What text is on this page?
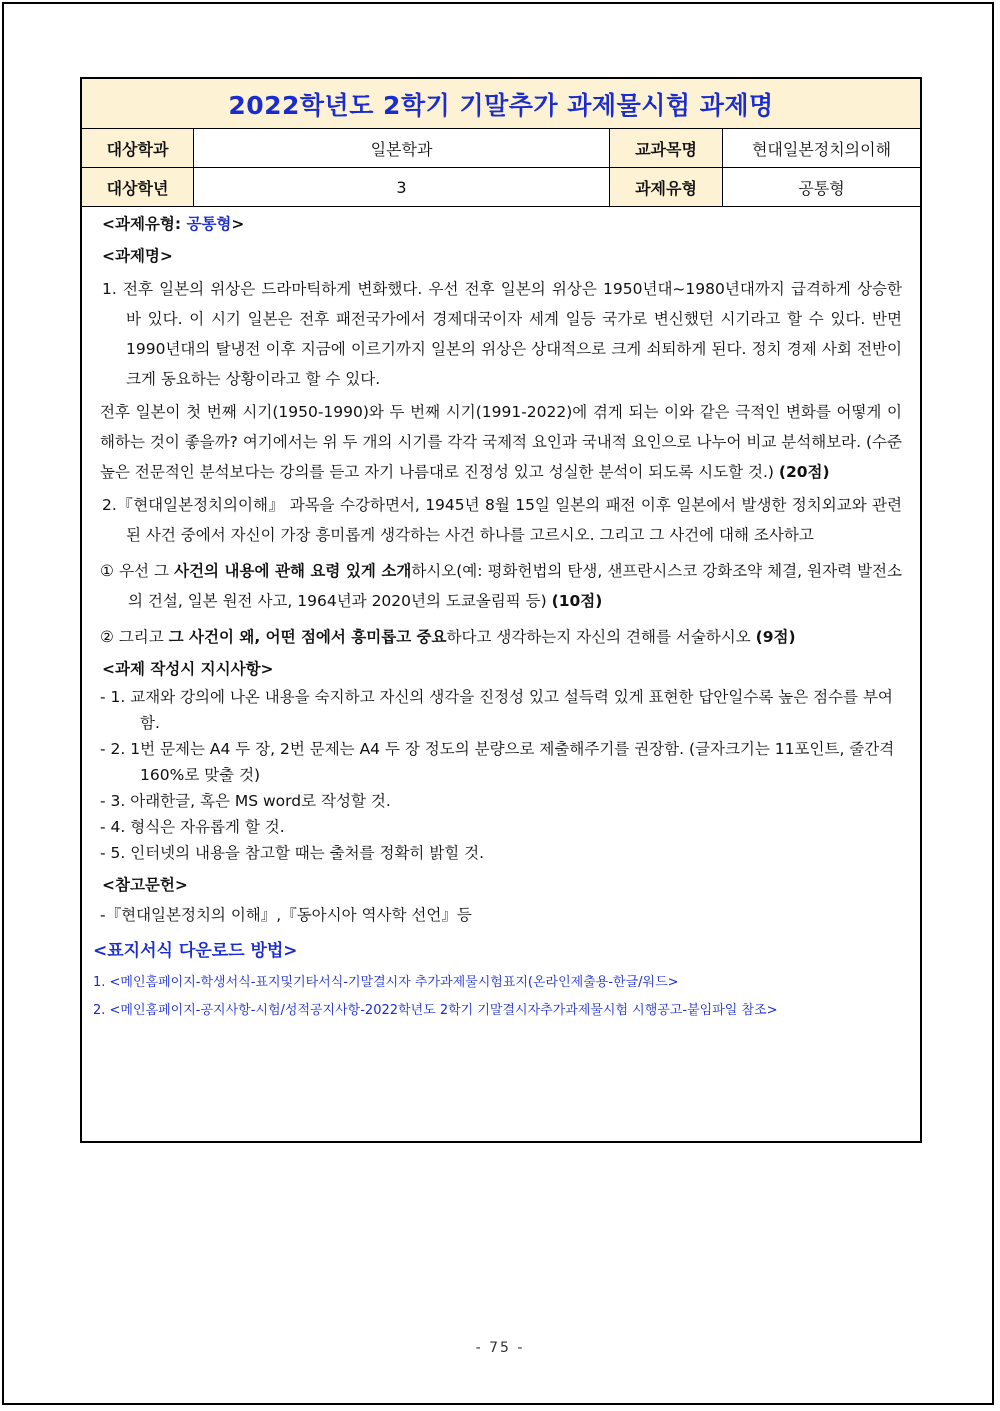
2022학년도 2학기 기말추가 과제물시험 과제명
대상학과	일본학과	교과목명	현대일본정치의이해
대상학년	3	과제유형	공통형
<과제유형: 공통형>
<과제명>
1. 전후 일본의 위상은 드라마틱하게 변화했다. 우선 전후 일본의 위상은 1950년대~1980년대까지 급격하게 상승한 바 있다. 이 시기 일본은 전후 패전국가에서 경제대국이자 세계 일등 국가로 변신했던 시기라고 할 수 있다. 반면 1990년대의 탈냉전 이후 지금에 이르기까지 일본의 위상은 상대적으로 크게 쇠퇴하게 된다. 정치 경제 사회 전반이 크게 동요하는 상황이라고 할 수 있다.
전후 일본이 첫 번째 시기(1950-1990)와 두 번째 시기(1991-2022)에 겪게 되는 이와 같은 극적인 변화를 어떻게 이해하는 것이 좋을까? 여기에서는 위 두 개의 시기를 각각 국제적 요인과 국내적 요인으로 나누어 비교 분석해보라. (수준 높은 전문적인 분석보다는 강의를 듣고 자기 나름대로 진정성 있고 성실한 분석이 되도록 시도할 것.) (20점)
2.『현대일본정치의이해』 과목을 수강하면서, 1945년 8월 15일 일본의 패전 이후 일본에서 발생한 정치외교와 관련된 사건 중에서 자신이 가장 흥미롭게 생각하는 사건 하나를 고르시오. 그리고 그 사건에 대해 조사하고
① 우선 그 사건의 내용에 관해 요령 있게 소개하시오(예: 평화헌법의 탄생, 샌프란시스코 강화조약 체결, 원자력 발전소의 건설, 일본 원전 사고, 1964년과 2020년의 도쿄올림픽 등) (10점)
② 그리고 그 사건이 왜, 어떤 점에서 흥미롭고 중요하다고 생각하는지 자신의 견해를 서술하시오 (9점)
<과제 작성시 지시사항>
- 1. 교재와 강의에 나온 내용을 숙지하고 자신의 생각을 진정성 있고 설득력 있게 표현한 답안일수록 높은 점수를 부여함.
- 2. 1번 문제는 A4 두 장, 2번 문제는 A4 두 장 정도의 분량으로 제출해주기를 권장함. (글자크기는 11포인트, 줄간격 160%로 맞출 것)
- 3. 아래한글, 혹은 MS word로 작성할 것.
- 4. 형식은 자유롭게 할 것.
- 5. 인터넷의 내용을 참고할 때는 출처를 정확히 밝힐 것.
<참고문헌>
-『현대일본정치의 이해』,『동아시아 역사학 선언』등
<표지서식 다운로드 방법>
1. <메인홈페이지-학생서식-표지및기타서식-기말결시자 추가과제물시험표지(온라인제출용-한글/워드>
2. <메인홈페이지-공지사항-시험/성적공지사항-2022학년도 2학기 기말결시자추가과제물시험 시행공고-붙임파일 참조>
- 75 -
